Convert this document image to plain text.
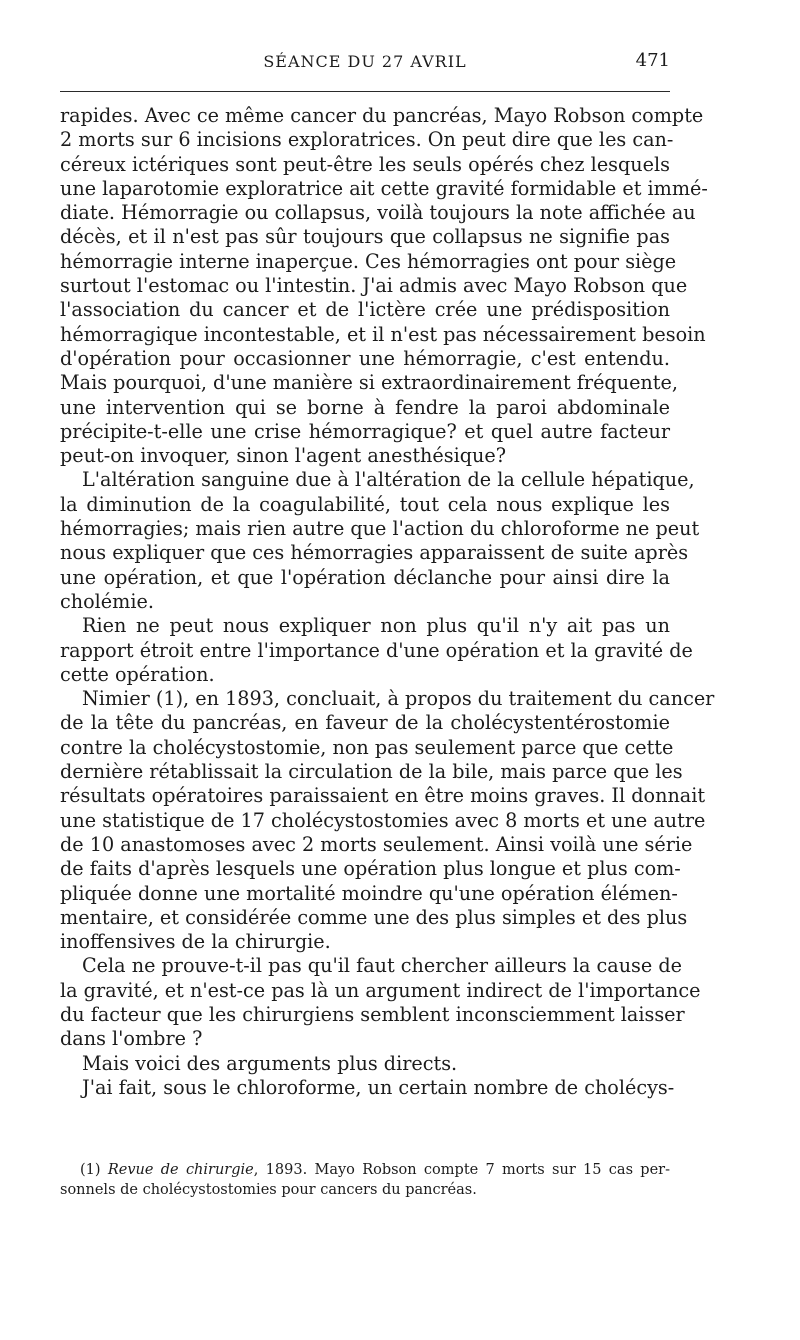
SÉANCE DU 27 AVRIL	471
rapides. Avec ce même cancer du pancréas, Mayo Robson compte
2 morts sur 6 incisions exploratrices. On peut dire que les can-
céreux ictériques sont peut-être les seuls opérés chez lesquels
une laparotomie exploratrice ait cette gravité formidable et immé-
diate. Hémorragie ou collapsus, voilà toujours la note affichée au
décès, et il n'est pas sûr toujours que collapsus ne signifie pas
hémorragie interne inaperçue. Ces hémorragies ont pour siège
surtout l'estomac ou l'intestin. J'ai admis avec Mayo Robson que
l'association du cancer et de l'ictère crée une prédisposition
hémorragique incontestable, et il n'est pas nécessairement besoin
d'opération pour occasionner une hémorragie, c'est entendu.
Mais pourquoi, d'une manière si extraordinairement fréquente,
une intervention qui se borne à fendre la paroi abdominale
précipite-t-elle une crise hémorragique? et quel autre facteur
peut-on invoquer, sinon l'agent anesthésique?
L'altération sanguine due à l'altération de la cellule hépatique,
la diminution de la coagulabilité, tout cela nous explique les
hémorragies; mais rien autre que l'action du chloroforme ne peut
nous expliquer que ces hémorragies apparaissent de suite après
une opération, et que l'opération déclanche pour ainsi dire la
cholémie.
Rien ne peut nous expliquer non plus qu'il n'y ait pas un
rapport étroit entre l'importance d'une opération et la gravité de
cette opération.
Nimier (1), en 1893, concluait, à propos du traitement du cancer
de la tête du pancréas, en faveur de la cholécystentérostomie
contre la cholécystostomie, non pas seulement parce que cette
dernière rétablissait la circulation de la bile, mais parce que les
résultats opératoires paraissaient en être moins graves. Il donnait
une statistique de 17 cholécystostomies avec 8 morts et une autre
de 10 anastomoses avec 2 morts seulement. Ainsi voilà une série
de faits d'après lesquels une opération plus longue et plus com-
pliquée donne une mortalité moindre qu'une opération élémen-
mentaire, et considérée comme une des plus simples et des plus
inoffensives de la chirurgie.
Cela ne prouve-t-il pas qu'il faut chercher ailleurs la cause de
la gravité, et n'est-ce pas là un argument indirect de l'importance
du facteur que les chirurgiens semblent inconsciemment laisser
dans l'ombre ?
Mais voici des arguments plus directs.
J'ai fait, sous le chloroforme, un certain nombre de cholécys-
(1) Revue de chirurgie, 1893. Mayo Robson compte 7 morts sur 15 cas per-
sonnels de cholécystostomies pour cancers du pancréas.
